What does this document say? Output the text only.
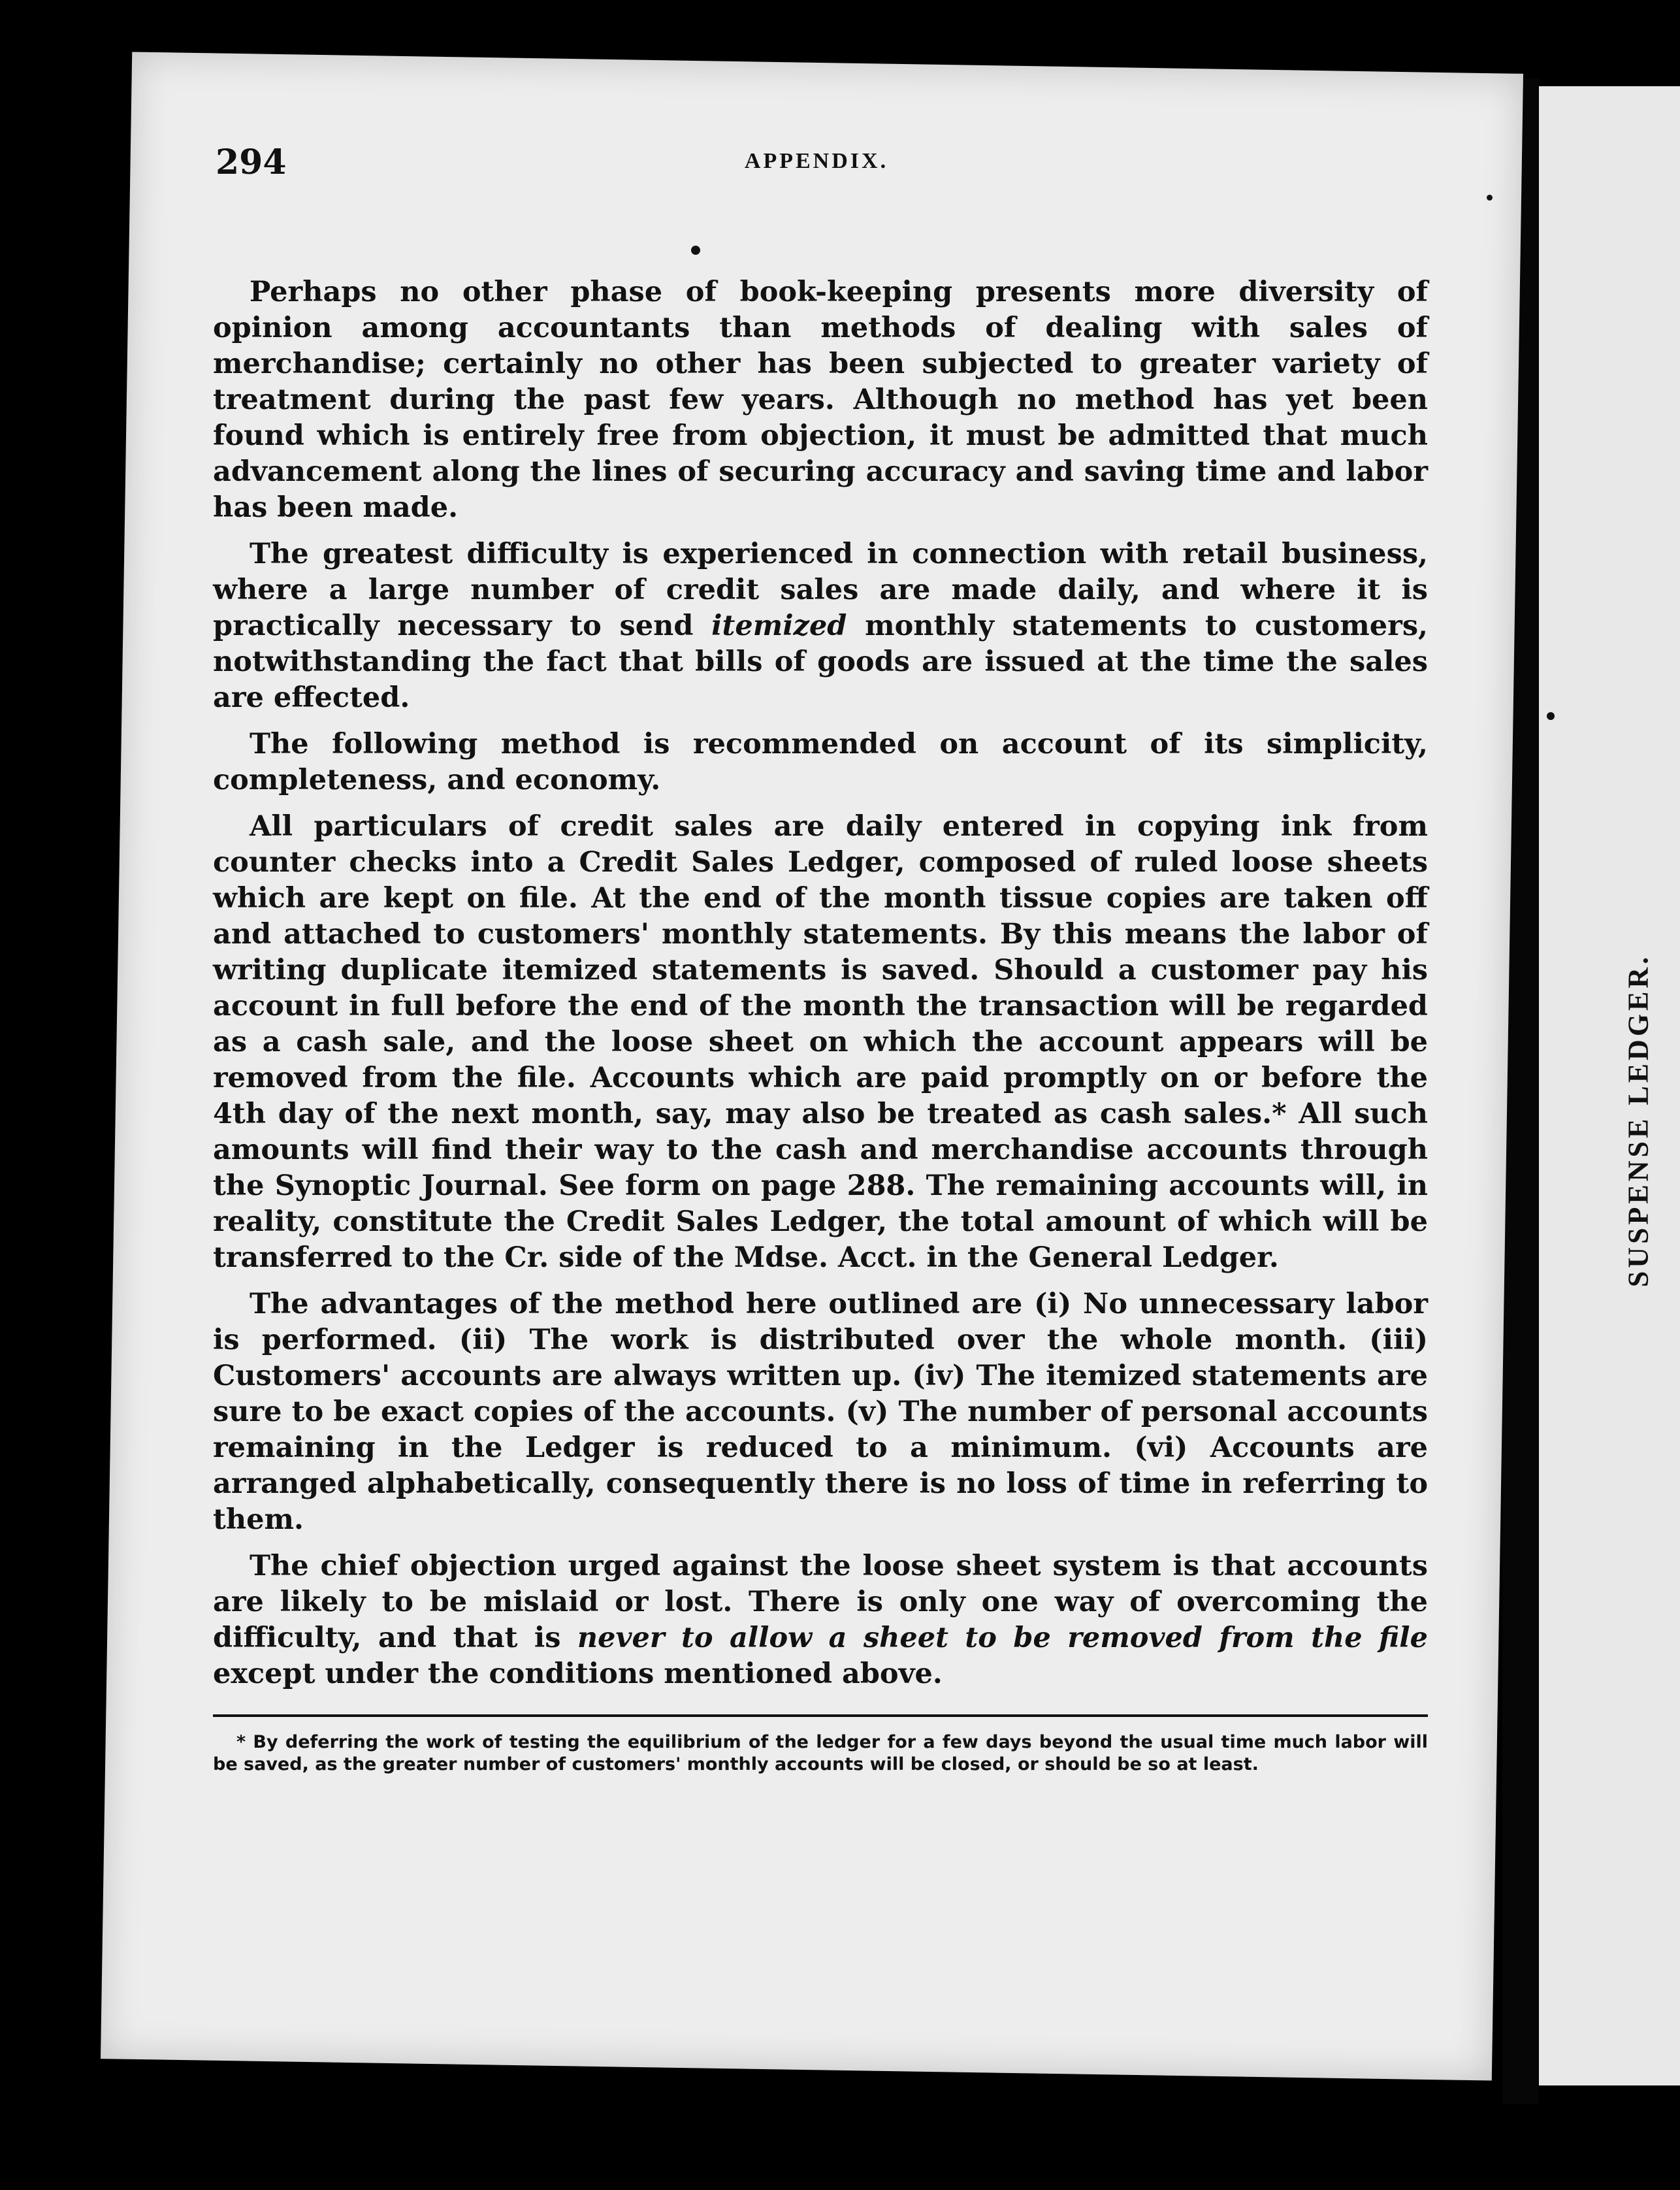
294	APPENDIX.

Perhaps no other phase of book-keeping presents more diversity of opinion among accountants than methods of dealing with sales of merchandise; certainly no other has been subjected to greater variety of treatment during the past few years. Although no method has yet been found which is entirely free from objection, it must be admitted that much advancement along the lines of securing accuracy and saving time and labor has been made.

The greatest difficulty is experienced in connection with retail business, where a large number of credit sales are made daily, and where it is practically necessary to send itemized monthly statements to customers, notwithstanding the fact that bills of goods are issued at the time the sales are effected.

The following method is recommended on account of its simplicity, completeness, and economy.

All particulars of credit sales are daily entered in copying ink from counter checks into a Credit Sales Ledger, composed of ruled loose sheets which are kept on file. At the end of the month tissue copies are taken off and attached to customers' monthly statements. By this means the labor of writing duplicate itemized statements is saved. Should a customer pay his account in full before the end of the month the transaction will be regarded as a cash sale, and the loose sheet on which the account appears will be removed from the file. Accounts which are paid promptly on or before the 4th day of the next month, say, may also be treated as cash sales.* All such amounts will find their way to the cash and merchandise accounts through the Synoptic Journal. See form on page 288. The remaining accounts will, in reality, constitute the Credit Sales Ledger, the total amount of which will be transferred to the Cr. side of the Mdse. Acct. in the General Ledger.

The advantages of the method here outlined are (i) No unnecessary labor is performed. (ii) The work is distributed over the whole month. (iii) Customers' accounts are always written up. (iv) The itemized statements are sure to be exact copies of the accounts. (v) The number of personal accounts remaining in the Ledger is reduced to a minimum. (vi) Accounts are arranged alphabetically, consequently there is no loss of time in referring to them.

The chief objection urged against the loose sheet system is that accounts are likely to be mislaid or lost. There is only one way of overcoming the difficulty, and that is never to allow a sheet to be removed from the file except under the conditions mentioned above.

* By deferring the work of testing the equilibrium of the ledger for a few days beyond the usual time much labor will be saved, as the greater number of customers' monthly accounts will be closed, or should be so at least.

SUSPENSE LEDGER.
